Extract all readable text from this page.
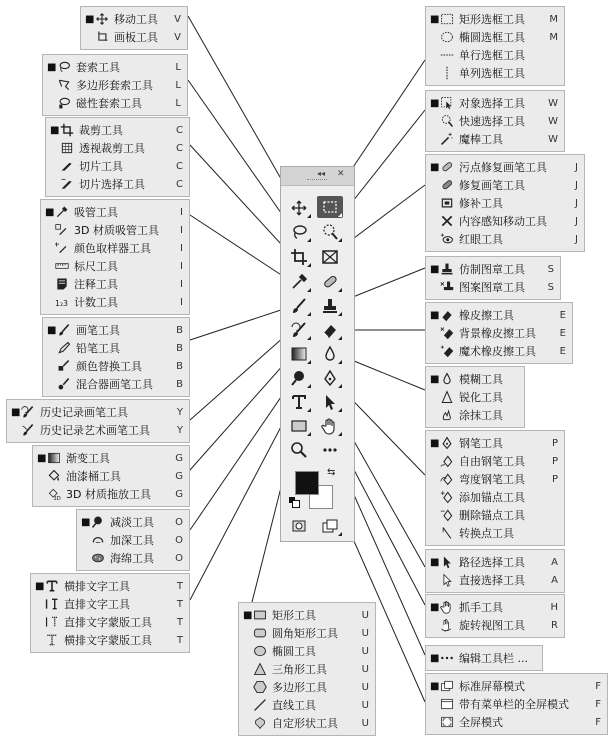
■ 移动工具	V
画板工具	V
■ 套索工具	L
多边形套索工具	L
磁性套索工具	L
■ 裁剪工具	C
透视裁剪工具	C
切片工具	C
切片选择工具	C
■ 吸管工具	I
3D 材质吸管工具	I
颜色取样器工具	I
标尺工具	I
注释工具	I
1₂3 计数工具	I
■ 画笔工具	B
铅笔工具	B
颜色替换工具	B
混合器画笔工具	B
■ 历史记录画笔工具	Y
历史记录艺术画笔工具	Y
■ 渐变工具	G
油漆桶工具	G
3D 3D 材质拖放工具	G
■ 减淡工具	O
加深工具	O
海绵工具	O
■ 横排文字工具	T
直排文字工具	T
直排文字蒙版工具	T
横排文字蒙版工具	T
■ 矩形工具	U
圆角矩形工具	U
椭圆工具	U
三角形工具	U
多边形工具	U
直线工具	U
自定形状工具	U
■ 矩形选框工具	M
椭圆选框工具	M
单行选框工具
单列选框工具
■ 对象选择工具	W
快速选择工具	W
魔棒工具	W
■ 污点修复画笔工具	J
修复画笔工具	J
修补工具	J
内容感知移动工具	J
红眼工具	J
■ 仿制图章工具	S
图案图章工具	S
■ 橡皮擦工具	E
背景橡皮擦工具	E
魔术橡皮擦工具	E
■ 模糊工具
锐化工具
涂抹工具
■ 钢笔工具	P
自由钢笔工具	P
弯度钢笔工具	P
添加锚点工具
删除锚点工具
转换点工具
■ 路径选择工具	A
直接选择工具	A
■ 抓手工具	H
旋转视图工具	R
■ 编辑工具栏 ...
■ 标准屏幕模式	F
带有菜单栏的全屏模式	F
全屏模式	F
◂◂ ✕
⇆
